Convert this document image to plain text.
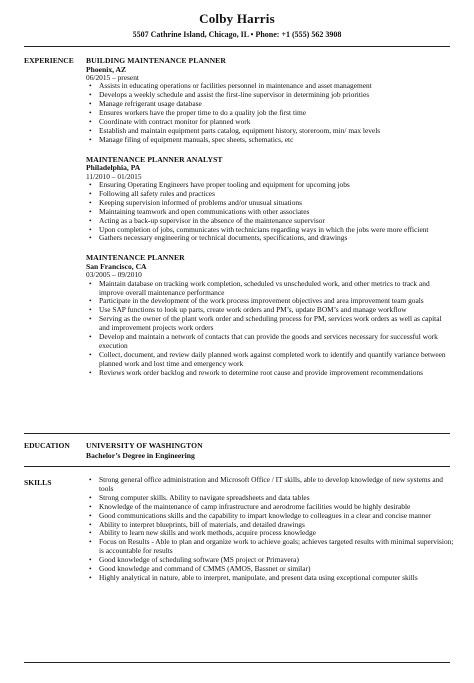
Colby Harris
5507 Cathrine Island, Chicago, IL • Phone: +1 (555) 562 3908
EXPERIENCE BUILDING MAINTENANCE PLANNER
Phoenix, AZ
06/2015 – present
• Assists in educating operations or facilities personnel in maintenance and asset management
• Develops a weekly schedule and assist the first-line supervisor in determining job priorities
• Manage refrigerant usage database
• Ensures workers have the proper time to do a quality job the first time
• Coordinate with contract monitor for planned work
• Establish and maintain equipment parts catalog, equipment history, storeroom, min/ max levels
• Manage filing of equipment manuals, spec sheets, schematics, etc
MAINTENANCE PLANNER ANALYST
Philadelphia, PA
11/2010 – 01/2015
• Ensuring Operating Engineers have proper tooling and equipment for upcoming jobs
• Following all safety rules and practices
• Keeping supervision informed of problems and/or unusual situations
• Maintaining teamwork and open communications with other associates
• Acting as a back-up supervisor in the absence of the maintenance supervisor
• Upon completion of jobs, communicates with technicians regarding ways in which the jobs were more efficient
• Gathers necessary engineering or technical documents, specifications, and drawings
MAINTENANCE PLANNER
San Francisco, CA
03/2005 – 09/2010
• Maintain database on tracking work completion, scheduled vs unscheduled work, and other metrics to track and improve overall maintenance performance
• Participate in the development of the work process improvement objectives and area improvement team goals
• Use SAP functions to look up parts, create work orders and PM’s, update BOM’s and manage workflow
• Serving as the owner of the plant work order and scheduling process for PM, services work orders as well as capital and improvement projects work orders
• Develop and maintain a network of contacts that can provide the goods and services necessary for successful work execution
• Collect, document, and review daily planned work against completed work to identify and quantify variance between planned work and lost time and emergency work
• Reviews work order backlog and rework to determine root cause and provide improvement recommendations
EDUCATION UNIVERSITY OF WASHINGTON
Bachelor’s Degree in Engineering
SKILLS	• Strong general office administration and Microsoft Office / IT skills, able to develop knowledge of new systems and tools
• Strong computer skills. Ability to navigate spreadsheets and data tables
• Knowledge of the maintenance of camp infrastructure and aerodrome facilities would be highly desirable
• Good communications skills and the capability to impart knowledge to colleagues in a clear and concise manner
• Ability to interpret blueprints, bill of materials, and detailed drawings
• Ability to learn new skills and work methods, acquire process knowledge
• Focus on Results - Able to plan and organize work to achieve goals; achieves targeted results with minimal supervision; is accountable for results
• Good knowledge of scheduling software (MS project or Primavera)
• Good knowledge and command of CMMS (AMOS, Bassnet or similar)
• Highly analytical in nature, able to interpret, manipulate, and present data using exceptional computer skills
